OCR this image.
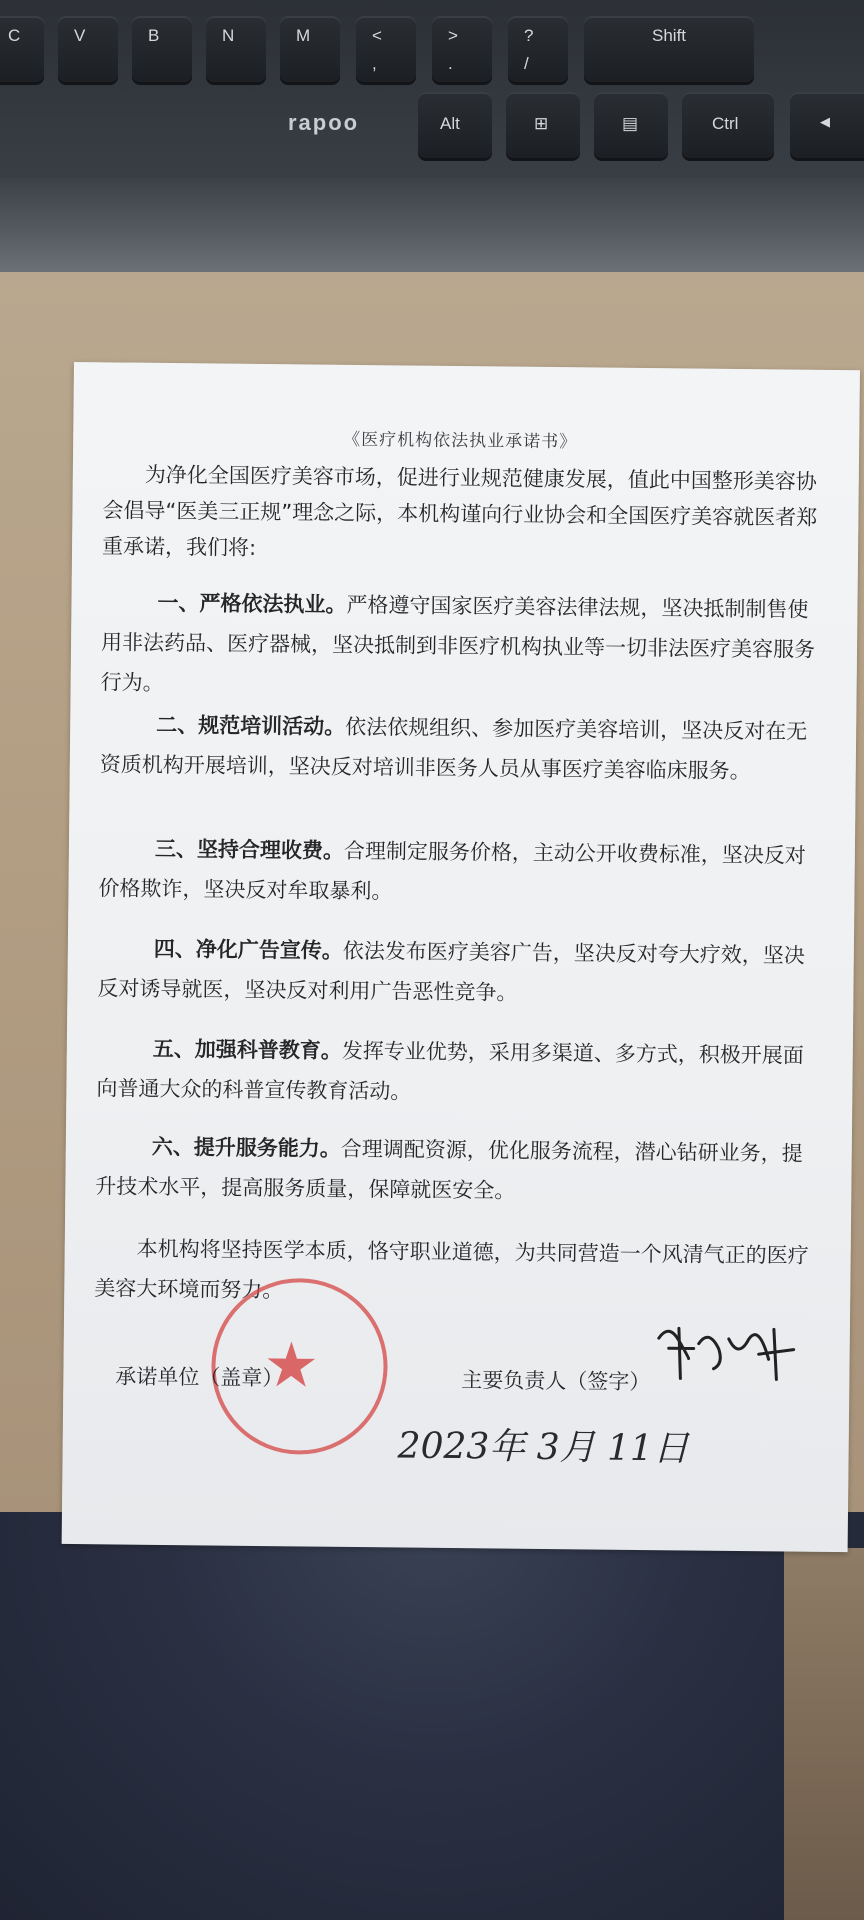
C	V	B	N	M	<
,
>
.
?
/
Shift
rapoo	Alt	⊞	▤	Ctrl	◀
《医疗机构依法执业承诺书》
为净化全国医疗美容市场，促进行业规范健康发展，值此中国整形美容协会倡导“医美三正规”理念之际，本机构谨向行业协会和全国医疗美容就医者郑重承诺，我们将:
一、严格依法执业。严格遵守国家医疗美容法律法规，坚决抵制制售使用非法药品、医疗器械，坚决抵制到非医疗机构执业等一切非法医疗美容服务行为。
二、规范培训活动。依法依规组织、参加医疗美容培训，坚决反对在无资质机构开展培训，坚决反对培训非医务人员从事医疗美容临床服务。
三、坚持合理收费。合理制定服务价格，主动公开收费标准，坚决反对价格欺诈，坚决反对牟取暴利。
四、净化广告宣传。依法发布医疗美容广告，坚决反对夸大疗效，坚决反对诱导就医，坚决反对利用广告恶性竞争。
五、加强科普教育。发挥专业优势，采用多渠道、多方式，积极开展面向普通大众的科普宣传教育活动。
六、提升服务能力。合理调配资源，优化服务流程，潜心钻研业务，提升技术水平，提高服务质量，保障就医安全。
本机构将坚持医学本质，恪守职业道德，为共同营造一个风清气正的医疗美容大环境而努力。
★
承诺单位（盖章）	主要负责人（签字）
2023年 3月 11日
